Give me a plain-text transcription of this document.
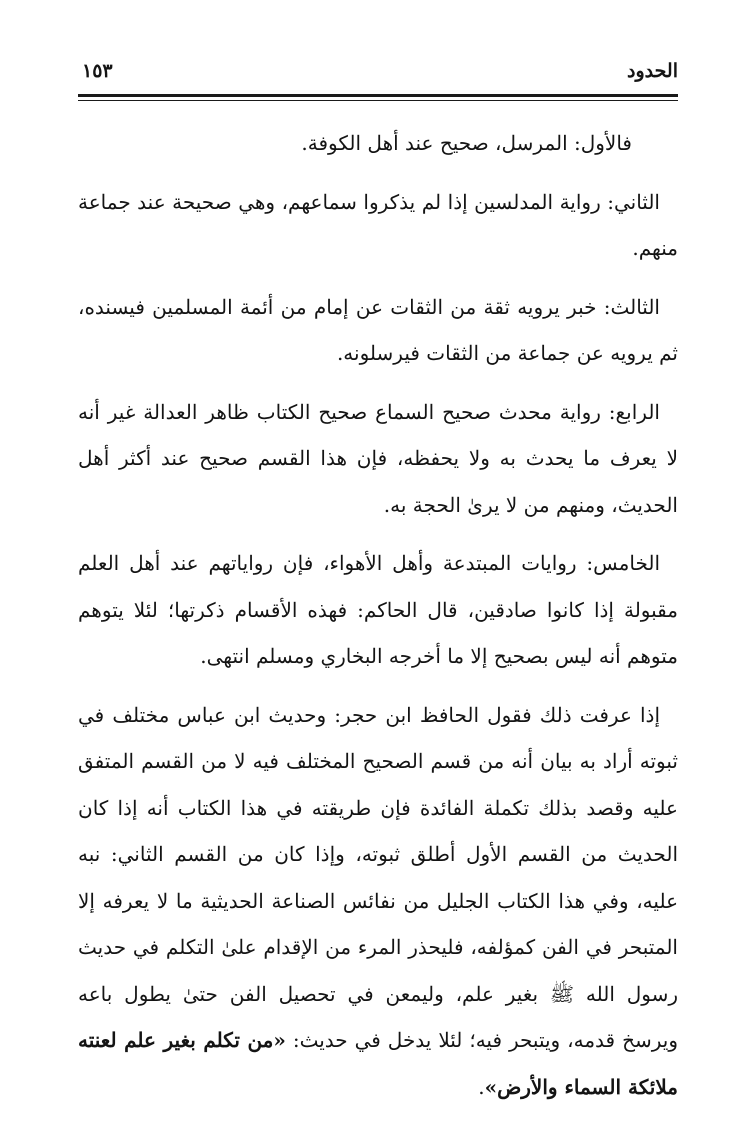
الحدود
١٥٣

فالأول: المرسل، صحيح عند أهل الكوفة.

الثاني: رواية المدلسين إذا لم يذكروا سماعهم، وهي صحيحة عند جماعة منهم.

الثالث: خبر يرويه ثقة من الثقات عن إمام من أئمة المسلمين فيسنده، ثم يرويه عن جماعة من الثقات فيرسلونه.

الرابع: رواية محدث صحيح السماع صحيح الكتاب ظاهر العدالة غير أنه لا يعرف ما يحدث به ولا يحفظه، فإن هذا القسم صحيح عند أكثر أهل الحديث، ومنهم من لا يرىٰ الحجة به.

الخامس: روايات المبتدعة وأهل الأهواء، فإن رواياتهم عند أهل العلم مقبولة إذا كانوا صادقين، قال الحاكم: فهذه الأقسام ذكرتها؛ لئلا يتوهم متوهم أنه ليس بصحيح إلا ما أخرجه البخاري ومسلم انتهى.

إذا عرفت ذلك فقول الحافظ ابن حجر: وحديث ابن عباس مختلف في ثبوته أراد به بيان أنه من قسم الصحيح المختلف فيه لا من القسم المتفق عليه وقصد بذلك تكملة الفائدة فإن طريقته في هذا الكتاب أنه إذا كان الحديث من القسم الأول أطلق ثبوته، وإذا كان من القسم الثاني: نبه عليه، وفي هذا الكتاب الجليل من نفائس الصناعة الحديثية ما لا يعرفه إلا المتبحر في الفن كمؤلفه، فليحذر المرء من الإقدام علىٰ التكلم في حديث رسول الله ﷺ بغير علم، وليمعن في تحصيل الفن حتىٰ يطول باعه ويرسخ قدمه، ويتبحر فيه؛ لئلا يدخل في حديث: «من تكلم بغير علم لعنته ملائكة السماء والأرض».
